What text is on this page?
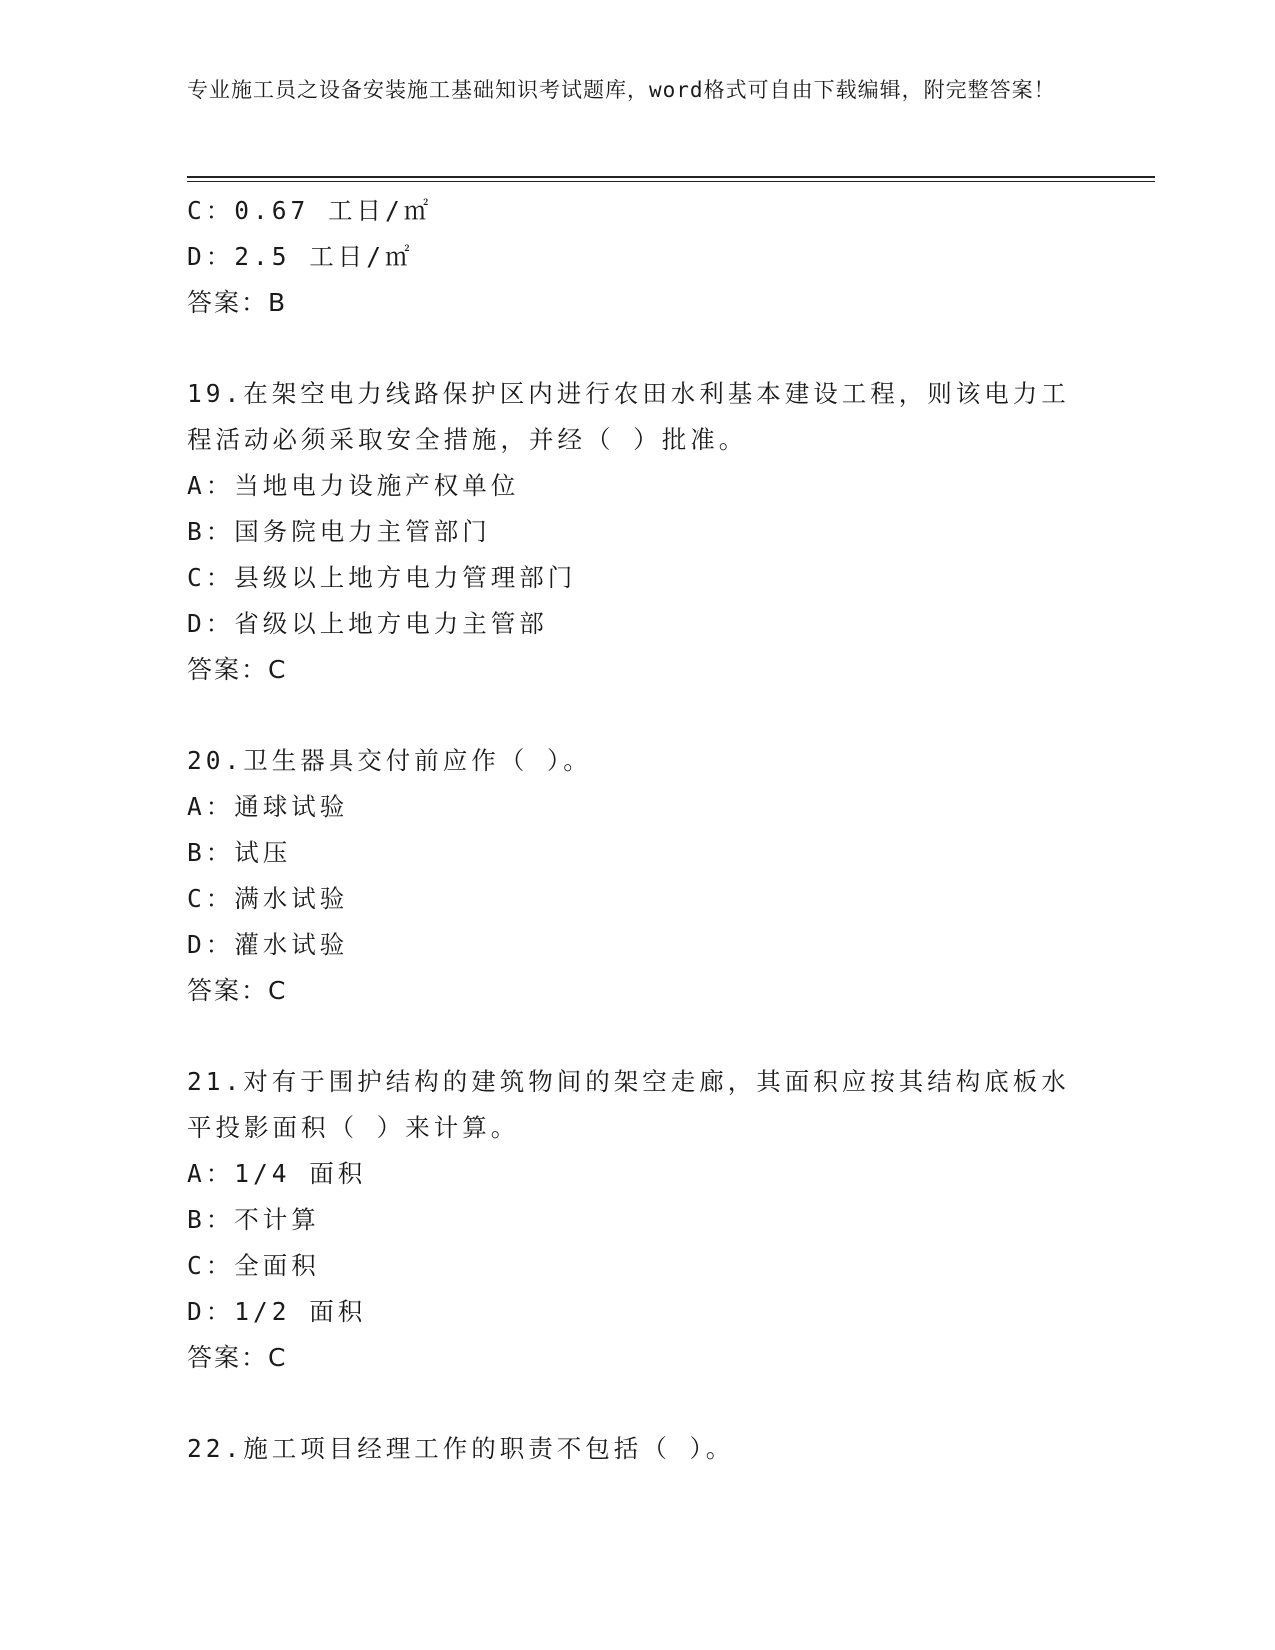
专业施工员之设备安装施工基础知识考试题库，word格式可自由下载编辑，附完整答案！
C：0.67 工日/㎡
D：2.5 工日/㎡
答案：B
19.在架空电力线路保护区内进行农田水利基本建设工程，则该电力工
程活动必须采取安全措施，并经（ ）批准。
A：当地电力设施产权单位
B：国务院电力主管部门
C：县级以上地方电力管理部门
D：省级以上地方电力主管部
答案：C
20.卫生器具交付前应作（ ）。
A：通球试验
B：试压
C：满水试验
D：灌水试验
答案：C
21.对有于围护结构的建筑物间的架空走廊，其面积应按其结构底板水
平投影面积（ ）来计算。
A：1/4 面积
B：不计算
C：全面积
D：1/2 面积
答案：C
22.施工项目经理工作的职责不包括（ ）。
